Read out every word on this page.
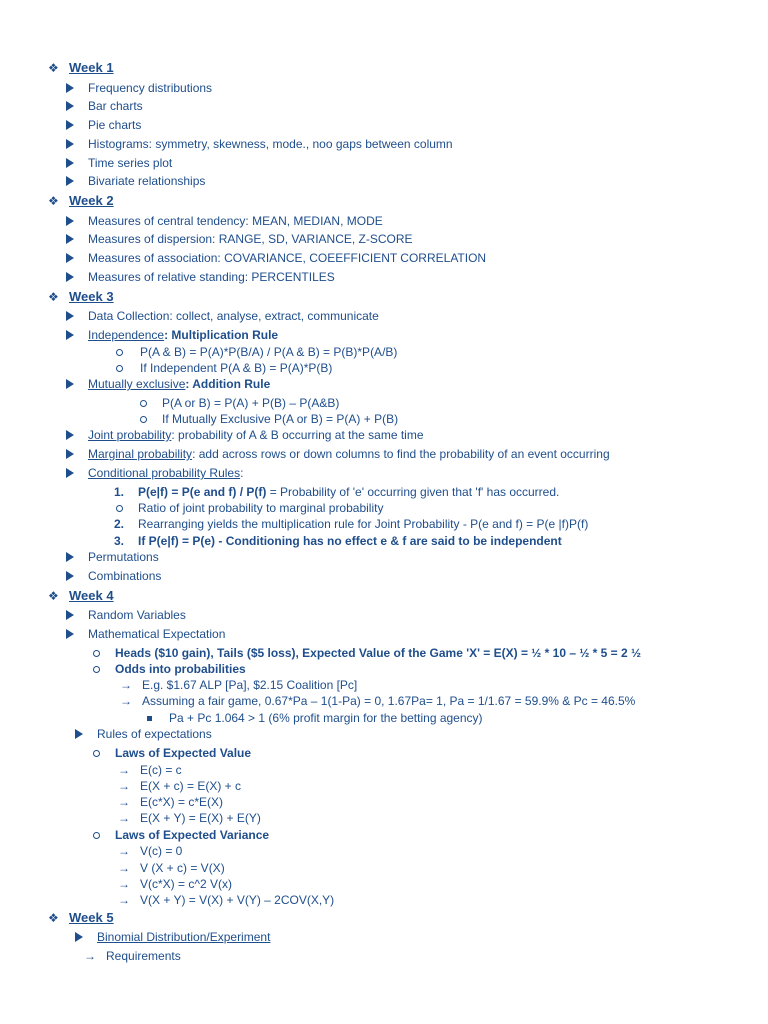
❖ Week 1
Frequency distributions
Bar charts
Pie charts
Histograms: symmetry, skewness, mode., noo gaps between column
Time series plot
Bivariate relationships
❖ Week 2
Measures of central tendency: MEAN, MEDIAN, MODE
Measures of dispersion: RANGE, SD, VARIANCE, Z-SCORE
Measures of association: COVARIANCE, COEEFFICIENT CORRELATION
Measures of relative standing: PERCENTILES
❖ Week 3
Data Collection: collect, analyse, extract, communicate
Independence: Multiplication Rule
P(A & B) = P(A)*P(B/A) / P(A & B) = P(B)*P(A/B)
If Independent P(A & B) = P(A)*P(B)
Mutually exclusive: Addition Rule
P(A or B) = P(A) + P(B) – P(A&B)
If Mutually Exclusive P(A or B) = P(A) + P(B)
Joint probability: probability of A & B occurring at the same time
Marginal probability: add across rows or down columns to find the probability of an event occurring
Conditional probability Rules:
1. P(e|f) = P(e and f) / P(f) = Probability of 'e' occurring given that 'f' has occurred.
Ratio of joint probability to marginal probability
2. Rearranging yields the multiplication rule for Joint Probability - P(e and f) = P(e |f)P(f)
3. If P(e|f) = P(e) - Conditioning has no effect e & f are said to be independent
Permutations
Combinations
❖ Week 4
Random Variables
Mathematical Expectation
Heads ($10 gain), Tails ($5 loss), Expected Value of the Game 'X' = E(X) = ½ * 10 – ½ * 5 = 2 ½
Odds into probabilities
→ E.g. $1.67 ALP [Pa], $2.15 Coalition [Pc]
→ Assuming a fair game, 0.67*Pa – 1(1-Pa) = 0, 1.67Pa= 1, Pa = 1/1.67 = 59.9% & Pc = 46.5%
Pa + Pc 1.064 > 1 (6% profit margin for the betting agency)
Rules of expectations
Laws of Expected Value
→ E(c) = c
→ E(X + c) = E(X) + c
→ E(c*X) = c*E(X)
→ E(X + Y) = E(X) + E(Y)
Laws of Expected Variance
→ V(c) = 0
→ V (X + c) = V(X)
→ V(c*X) = c^2 V(x)
→ V(X + Y) = V(X) + V(Y) – 2COV(X,Y)
❖ Week 5
Binomial Distribution/Experiment
→ Requirements
